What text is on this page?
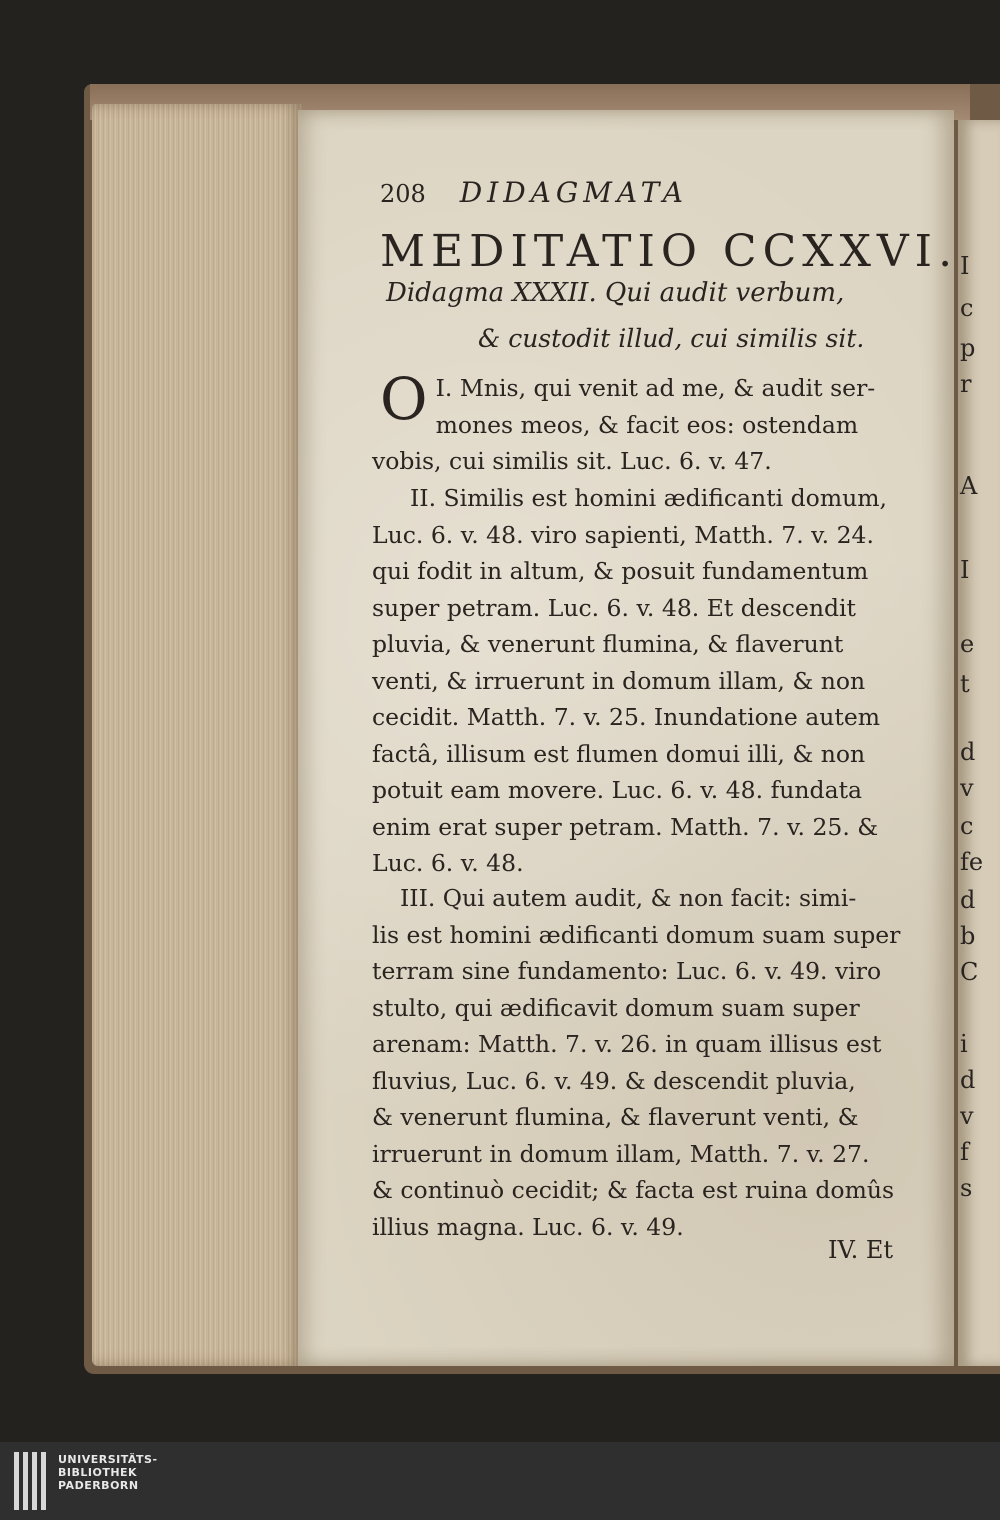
208 DIDAGMATA
MEDITATIO CCXXVI.
Didagma XXXII. Qui audit verbum,
& custodit illud, cui similis sit.
I.
O Mnis, qui venit ad me, & audit ser-
mones meos, & facit eos: ostendam
vobis, cui similis sit. Luc. 6. v. 47.
II. Similis est homini ædificanti domum,
Luc. 6. v. 48. viro sapienti, Matth. 7. v. 24.
qui fodit in altum, & posuit fundamentum
super petram. Luc. 6. v. 48. Et descendit
pluvia, & venerunt flumina, & flaverunt
venti, & irruerunt in domum illam, & non
cecidit. Matth. 7. v. 25. Inundatione autem
factâ, illisum est flumen domui illi, & non
potuit eam movere. Luc. 6. v. 48. fundata
enim erat super petram. Matth. 7. v. 25. &
Luc. 6. v. 48.
III. Qui autem audit, & non facit: simi-
lis est homini ædificanti domum suam super
terram sine fundamento: Luc. 6. v. 49. viro
stulto, qui ædificavit domum suam super
arenam: Matth. 7. v. 26. in quam illisus est
fluvius, Luc. 6. v. 49. & descendit pluvia,
& venerunt flumina, & flaverunt venti, &
irruerunt in domum illam, Matth. 7. v. 27.
& continuò cecidit; & facta est ruina domûs
illius magna. Luc. 6. v. 49.
IV. Et
I
c
p
r
A
I
e
t
d
v
c
fe
d
b
C
i
d
v
f
s
UNIVERSITÄTS-
BIBLIOTHEK
PADERBORN
